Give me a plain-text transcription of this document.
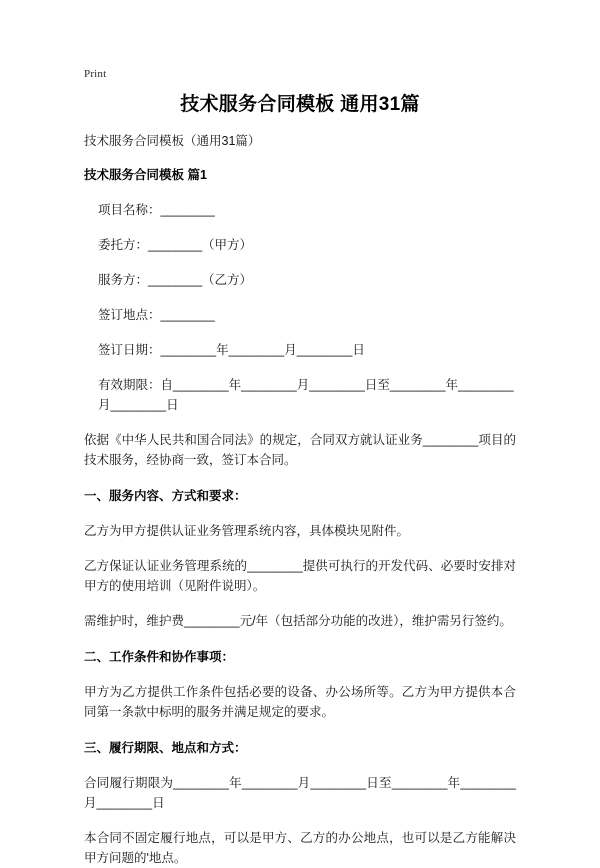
Print
技术服务合同模板 通用31篇

技术服务合同模板（通用31篇）

技术服务合同模板 篇1

项目名称：________

委托方：________（甲方）

服务方：________（乙方）

签订地点：________

签订日期：________年________月________日

有效期限：自________年________月________日至________年________月________日

依据《中华人民共和国合同法》的规定，合同双方就认证业务________项目的技术服务，经协商一致，签订本合同。

一、服务内容、方式和要求：

乙方为甲方提供认证业务管理系统内容，具体模块见附件。

乙方保证认证业务管理系统的________提供可执行的开发代码、必要时安排对甲方的使用培训（见附件说明）。

需维护时，维护费________元/年（包括部分功能的改进），维护需另行签约。

二、工作条件和协作事项：

甲方为乙方提供工作条件包括必要的设备、办公场所等。乙方为甲方提供本合同第一条款中标明的服务并满足规定的要求。

三、履行期限、地点和方式：

合同履行期限为________年________月________日至________年________月________日

本合同不固定履行地点，可以是甲方、乙方的办公地点，也可以是乙方能解决甲方问题的'地点。
